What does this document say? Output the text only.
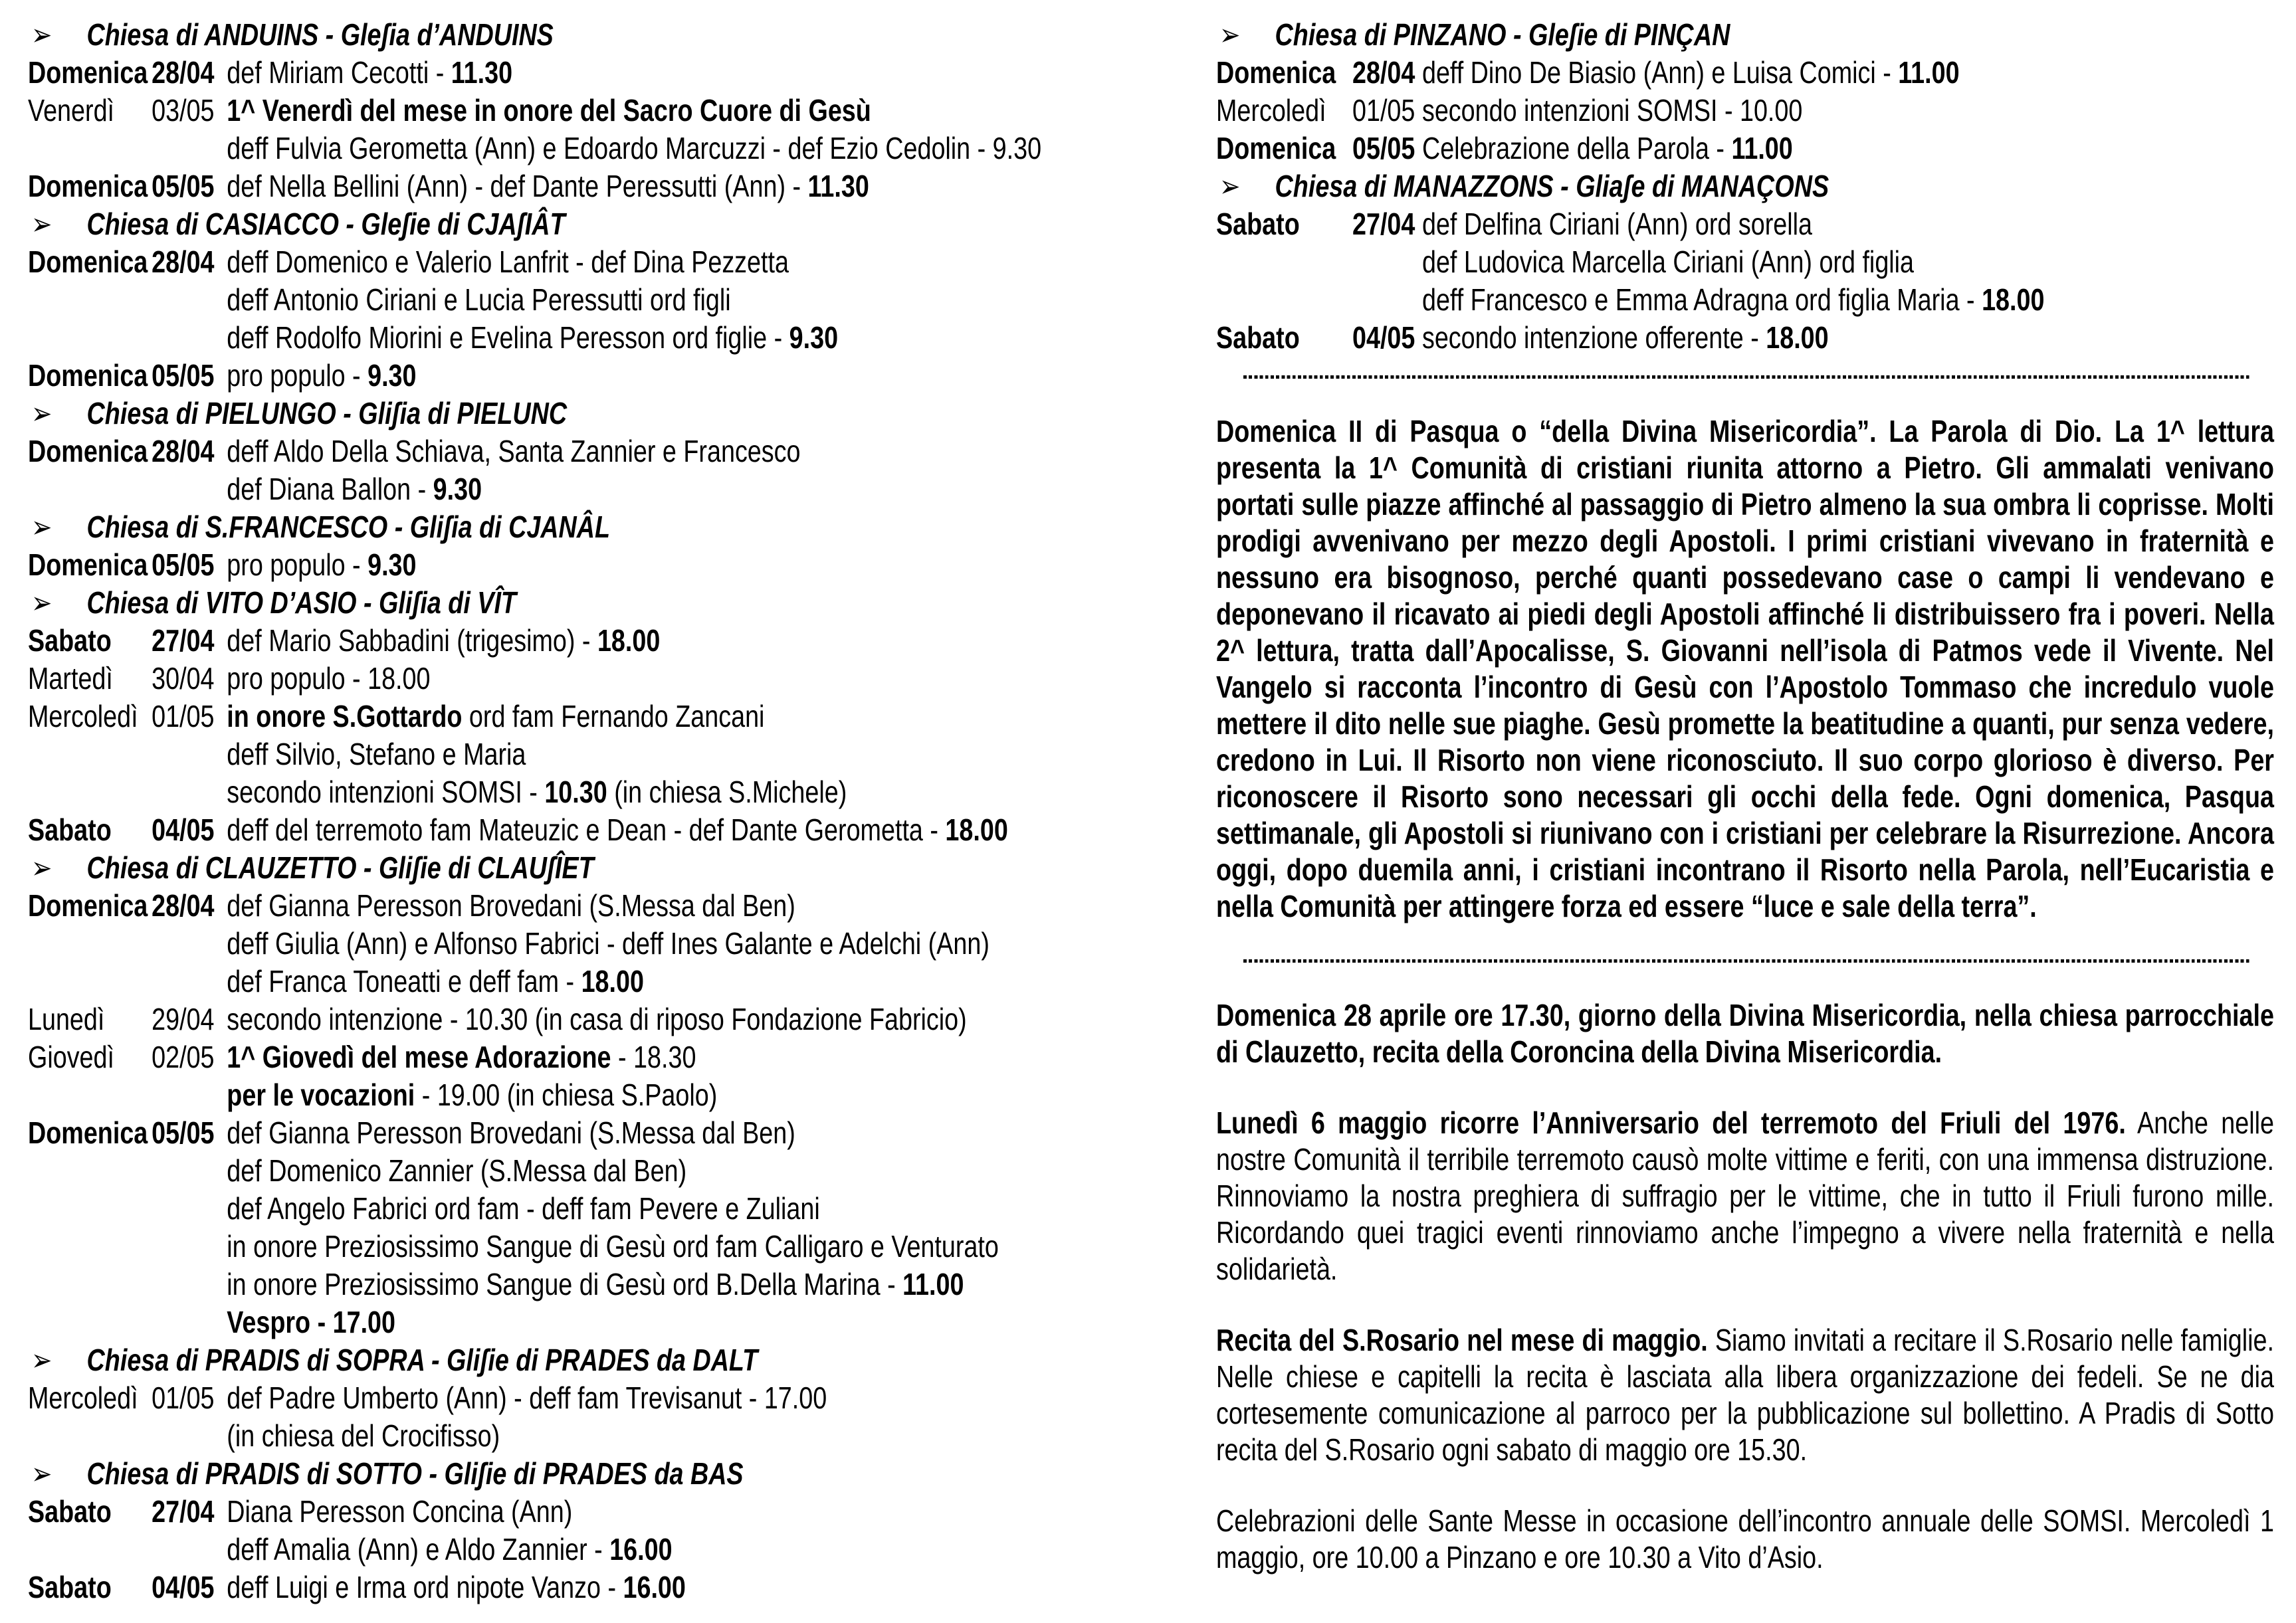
➢	Chiesa di ANDUINS - Gleʃia d’ANDUINS
Domenica 28/04 def Miriam Cecotti - 11.30
Venerdì	03/05 1^ Venerdì del mese in onore del Sacro Cuore di Gesù
deff Fulvia Gerometta (Ann) e Edoardo Marcuzzi - def Ezio Cedolin - 9.30
Domenica 05/05 def Nella Bellini (Ann) - def Dante Peressutti (Ann) - 11.30
➢	Chiesa di CASIACCO - Gleʃie di CJAʃIÂT
Domenica 28/04 deff Domenico e Valerio Lanfrit - def Dina Pezzetta
deff Antonio Ciriani e Lucia Peressutti ord figli
deff Rodolfo Miorini e Evelina Peresson ord figlie - 9.30
Domenica 05/05 pro populo - 9.30
➢	Chiesa di PIELUNGO - Gliʃia di PIELUNC
Domenica 28/04 deff Aldo Della Schiava, Santa Zannier e Francesco
def Diana Ballon - 9.30
➢	Chiesa di S.FRANCESCO - Gliʃia di CJANÂL
Domenica 05/05 pro populo - 9.30
➢	Chiesa di VITO D’ASIO - Gliʃia di VÎT
Sabato	27/04 def Mario Sabbadini (trigesimo) - 18.00
Martedì	30/04 pro populo - 18.00
Mercoledì 01/05 in onore S.Gottardo ord fam Fernando Zancani
deff Silvio, Stefano e Maria
secondo intenzioni SOMSI - 10.30 (in chiesa S.Michele)
Sabato	04/05 deff del terremoto fam Mateuzic e Dean - def Dante Gerometta - 18.00
➢	Chiesa di CLAUZETTO - Gliʃie di CLAUʃÎET
Domenica 28/04 def Gianna Peresson Brovedani (S.Messa dal Ben)
deff Giulia (Ann) e Alfonso Fabrici - deff Ines Galante e Adelchi (Ann)
def Franca Toneatti e deff fam - 18.00
Lunedì	29/04 secondo intenzione - 10.30 (in casa di riposo Fondazione Fabricio)
Giovedì	02/05 1^ Giovedì del mese Adorazione - 18.30
per le vocazioni - 19.00 (in chiesa S.Paolo)
Domenica 05/05 def Gianna Peresson Brovedani (S.Messa dal Ben)
def Domenico Zannier (S.Messa dal Ben)
def Angelo Fabrici ord fam - deff fam Pevere e Zuliani
in onore Preziosissimo Sangue di Gesù ord fam Calligaro e Venturato
in onore Preziosissimo Sangue di Gesù ord B.Della Marina - 11.00
Vespro - 17.00
➢	Chiesa di PRADIS di SOPRA - Gliʃie di PRADES da DALT
Mercoledì 01/05 def Padre Umberto (Ann) - deff fam Trevisanut - 17.00
(in chiesa del Crocifisso)
➢	Chiesa di PRADIS di SOTTO - Gliʃie di PRADES da BAS
Sabato	27/04 Diana Peresson Concina (Ann)
deff Amalia (Ann) e Aldo Zannier - 16.00
Sabato	04/05 deff Luigi e Irma ord nipote Vanzo - 16.00
➢	Chiesa di PINZANO - Gleʃie di PINÇAN
Domenica 28/04 deff Dino De Biasio (Ann) e Luisa Comici - 11.00
Mercoledì 01/05 secondo intenzioni SOMSI - 10.00
Domenica 05/05 Celebrazione della Parola - 11.00
➢	Chiesa di MANAZZONS - Gliaʃe di MANAÇONS
Sabato	27/04 def Delfina Ciriani (Ann) ord sorella
def Ludovica Marcella Ciriani (Ann) ord figlia
deff Francesco e Emma Adragna ord figlia Maria - 18.00
Sabato	04/05 secondo intenzione offerente - 18.00
Domenica II di Pasqua o “della Divina Misericordia”. La Parola di Dio. La 1^ lettura presenta la 1^ Comunità di cristiani riunita attorno a Pietro. Gli ammalati venivano portati sulle piazze affinché al passaggio di Pietro almeno la sua ombra li coprisse. Molti prodigi avvenivano per mezzo degli Apostoli. I primi cristiani vivevano in fraternità e nessuno era bisognoso, perché quanti possedevano case o campi li vendevano e deponevano il ricavato ai piedi degli Apostoli affinché li distribuissero fra i poveri. Nella 2^ lettura, tratta dall’Apocalisse, S. Giovanni nell’isola di Patmos vede il Vivente. Nel Vangelo si racconta l’incontro di Gesù con l’Apostolo Tommaso che incredulo vuole mettere il dito nelle sue piaghe. Gesù promette la beatitudine a quanti, pur senza vedere, credono in Lui. Il Risorto non viene riconosciuto. Il suo corpo glorioso è diverso. Per riconoscere il Risorto sono necessari gli occhi della fede. Ogni domenica, Pasqua settimanale, gli Apostoli si riunivano con i cristiani per celebrare la Risurrezione. Ancora oggi, dopo duemila anni, i cristiani incontrano il Risorto nella Parola, nell’Eucaristia e nella Comunità per attingere forza ed essere “luce e sale della terra”.
Domenica 28 aprile ore 17.30, giorno della Divina Misericordia, nella chiesa parrocchiale di Clauzetto, recita della Coroncina della Divina Misericordia.
Lunedì 6 maggio ricorre l’Anniversario del terremoto del Friuli del 1976. Anche nelle nostre Comunità il terribile terremoto causò molte vittime e feriti, con una immensa distruzione. Rinnoviamo la nostra preghiera di suffragio per le vittime, che in tutto il Friuli furono mille. Ricordando quei tragici eventi rinnoviamo anche l’impegno a vivere nella fraternità e nella solidarietà.
Recita del S.Rosario nel mese di maggio. Siamo invitati a recitare il S.Rosario nelle famiglie. Nelle chiese e capitelli la recita è lasciata alla libera organizzazione dei fedeli. Se ne dia cortesemente comunicazione al parroco per la pubblicazione sul bollettino. A Pradis di Sotto recita del S.Rosario ogni sabato di maggio ore 15.30.
Celebrazioni delle Sante Messe in occasione dell’incontro annuale delle SOMSI. Mercoledì 1 maggio, ore 10.00 a Pinzano e ore 10.30 a Vito d’Asio.
